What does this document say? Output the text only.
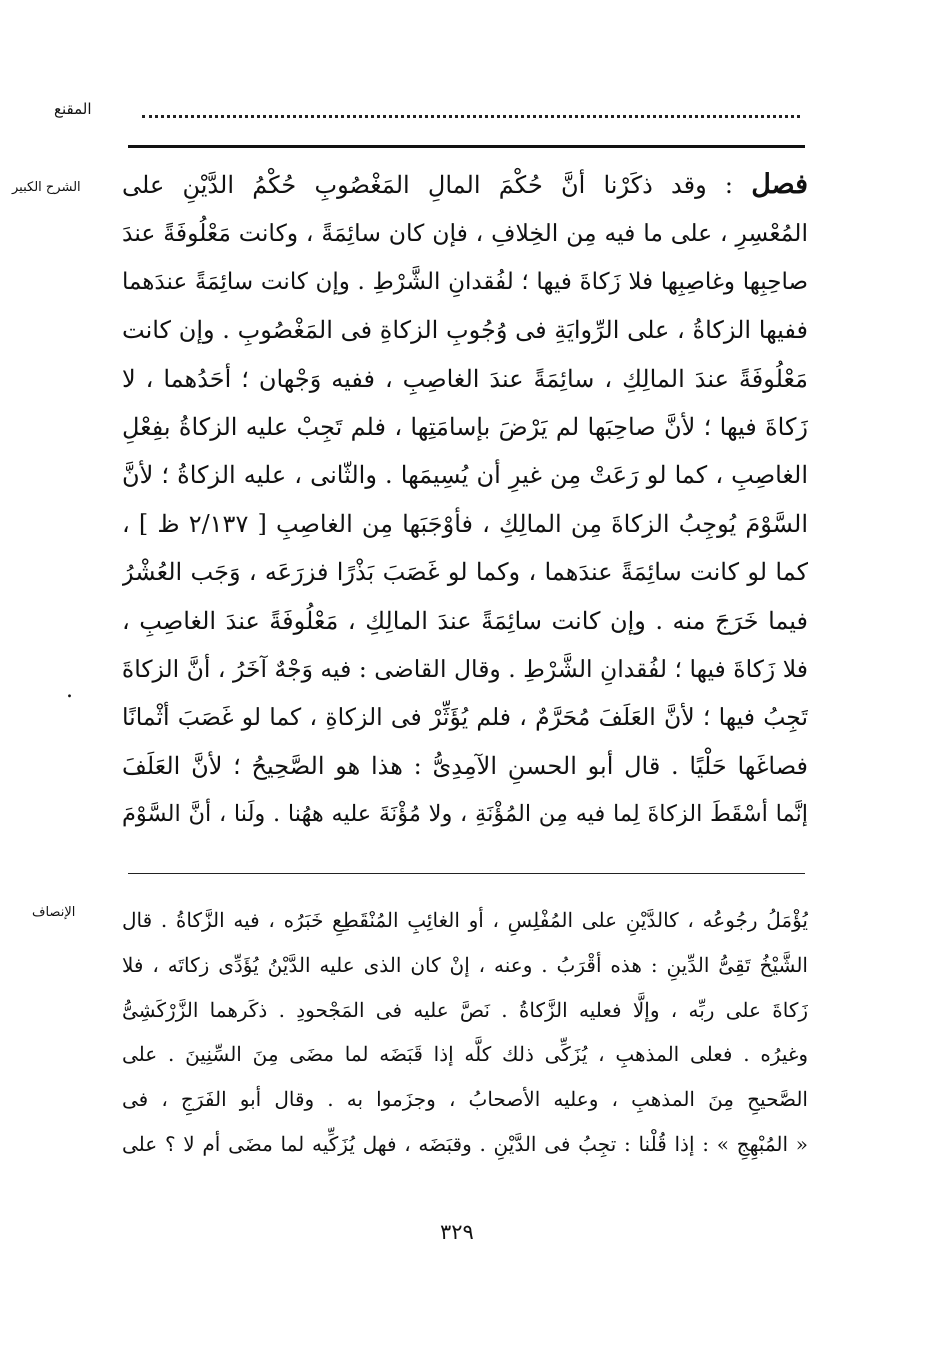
المقنع
الشرح الكبير
.
فصل : وقد ذكَرْنا أنَّ حُكْمَ المالِ المَغْصُوبِ حُكْمُ الدَّيْنِ على
المُعْسِرِ ، على ما فيه مِن الخِلافِ ، فإن كان سائِمَةً ، وكانت مَعْلُوفَةً عندَ
صاحِبِها وغاصِبِها فلا زَكاةَ فيها ؛ لفُقدانِ الشَّرْطِ . وإن كانت سائِمَةً عندَهما
ففيها الزكاةُ ، على الرِّوايَةِ فى وُجُوبِ الزكاةِ فى المَغْصُوبِ . وإن كانت
مَعْلُوفَةً عندَ المالِكِ ، سائِمَةً عندَ الغاصِبِ ، ففيه وَجْهان ؛ أحَدُهما ، لا
زَكاةَ فيها ؛ لأنَّ صاحِبَها لم يَرْضَ بإسامَتِها ، فلم تَجِبْ عليه الزكاةُ بفِعْلِ
الغاصِبِ ، كما لو رَعَتْ مِن غيرِ أن يُسِيمَها . والثّانى ، عليه الزكاةُ ؛ لأنَّ
السَّوْمَ يُوجِبُ الزكاةَ مِن المالِكِ ، فأوْجَبَها مِن الغاصِبِ [ ٢/١٣٧ ظ ] ،
كما لو كانت سائِمَةً عندَهما ، وكما لو غَصَبَ بَذْرًا فزرَعَه ، وَجَب العُشْرُ
فيما خَرَجَ منه . وإن كانت سائِمَةً عندَ المالِكِ ، مَعْلُوفَةً عندَ الغاصِبِ ،
فلا زَكاةَ فيها ؛ لفُقدانِ الشَّرْطِ . وقال القاضى : فيه وَجْهٌ آخَرُ ، أنَّ الزكاةَ
تَجِبُ فيها ؛ لأنَّ العَلَفَ مُحَرَّمٌ ، فلم يُؤَثِّرْ فى الزكاةِ ، كما لو غَصَبَ أثْمانًا
فصاغَها حَلْيًا . قال أبو الحسنِ الآمِدِىُّ : هذا هو الصَّحِيحُ ؛ لأنَّ العَلَفَ
إنَّما أسْقَطَ الزكاةَ لِما فيه مِن المُؤْنَةِ ، ولا مُؤْنَةَ عليه ههُنا . ولَنا ، أنَّ السَّوْمَ
الإنصاف يُؤْمَلُ رجُوعُه ، كالدَّيْنِ على المُفْلِسِ ، أو الغائِبِ المُنْقَطِعِ خَبَرُه ، فيه الزَّكاةُ . قال
الشَّيْخُ تَقِىُّ الدِّينِ : هذه أقْرَبُ . وعنه ، إنْ كان الذى عليه الدَّيْنُ يُؤَدِّى زكاتَه ، فلا
زَكاةَ على ربِّه ، وإلَّا فعليه الزَّكاةُ . نَصَّ عليه فى المَجْحودِ . ذكَرهما الزَّرْكَشِىُّ
وغيرُه . فعلى المذهبِ ، يُزَكِّى ذلك كلَّه إذا قَبَضَه لما مضَى مِنَ السِّنِينَ . على
الصَّحيحِ مِنَ المذهبِ ، وعليه الأصحابُ ، وجزَموا به . وقال أبو الفَرَجِ ، فى
« المُبْهِجِ » : إذا قُلْنا : تجِبُ فى الدَّيْنِ . وقبَضَه ، فهل يُزَكِّيه لما مضَى أم لا ؟ على
٣٢٩
